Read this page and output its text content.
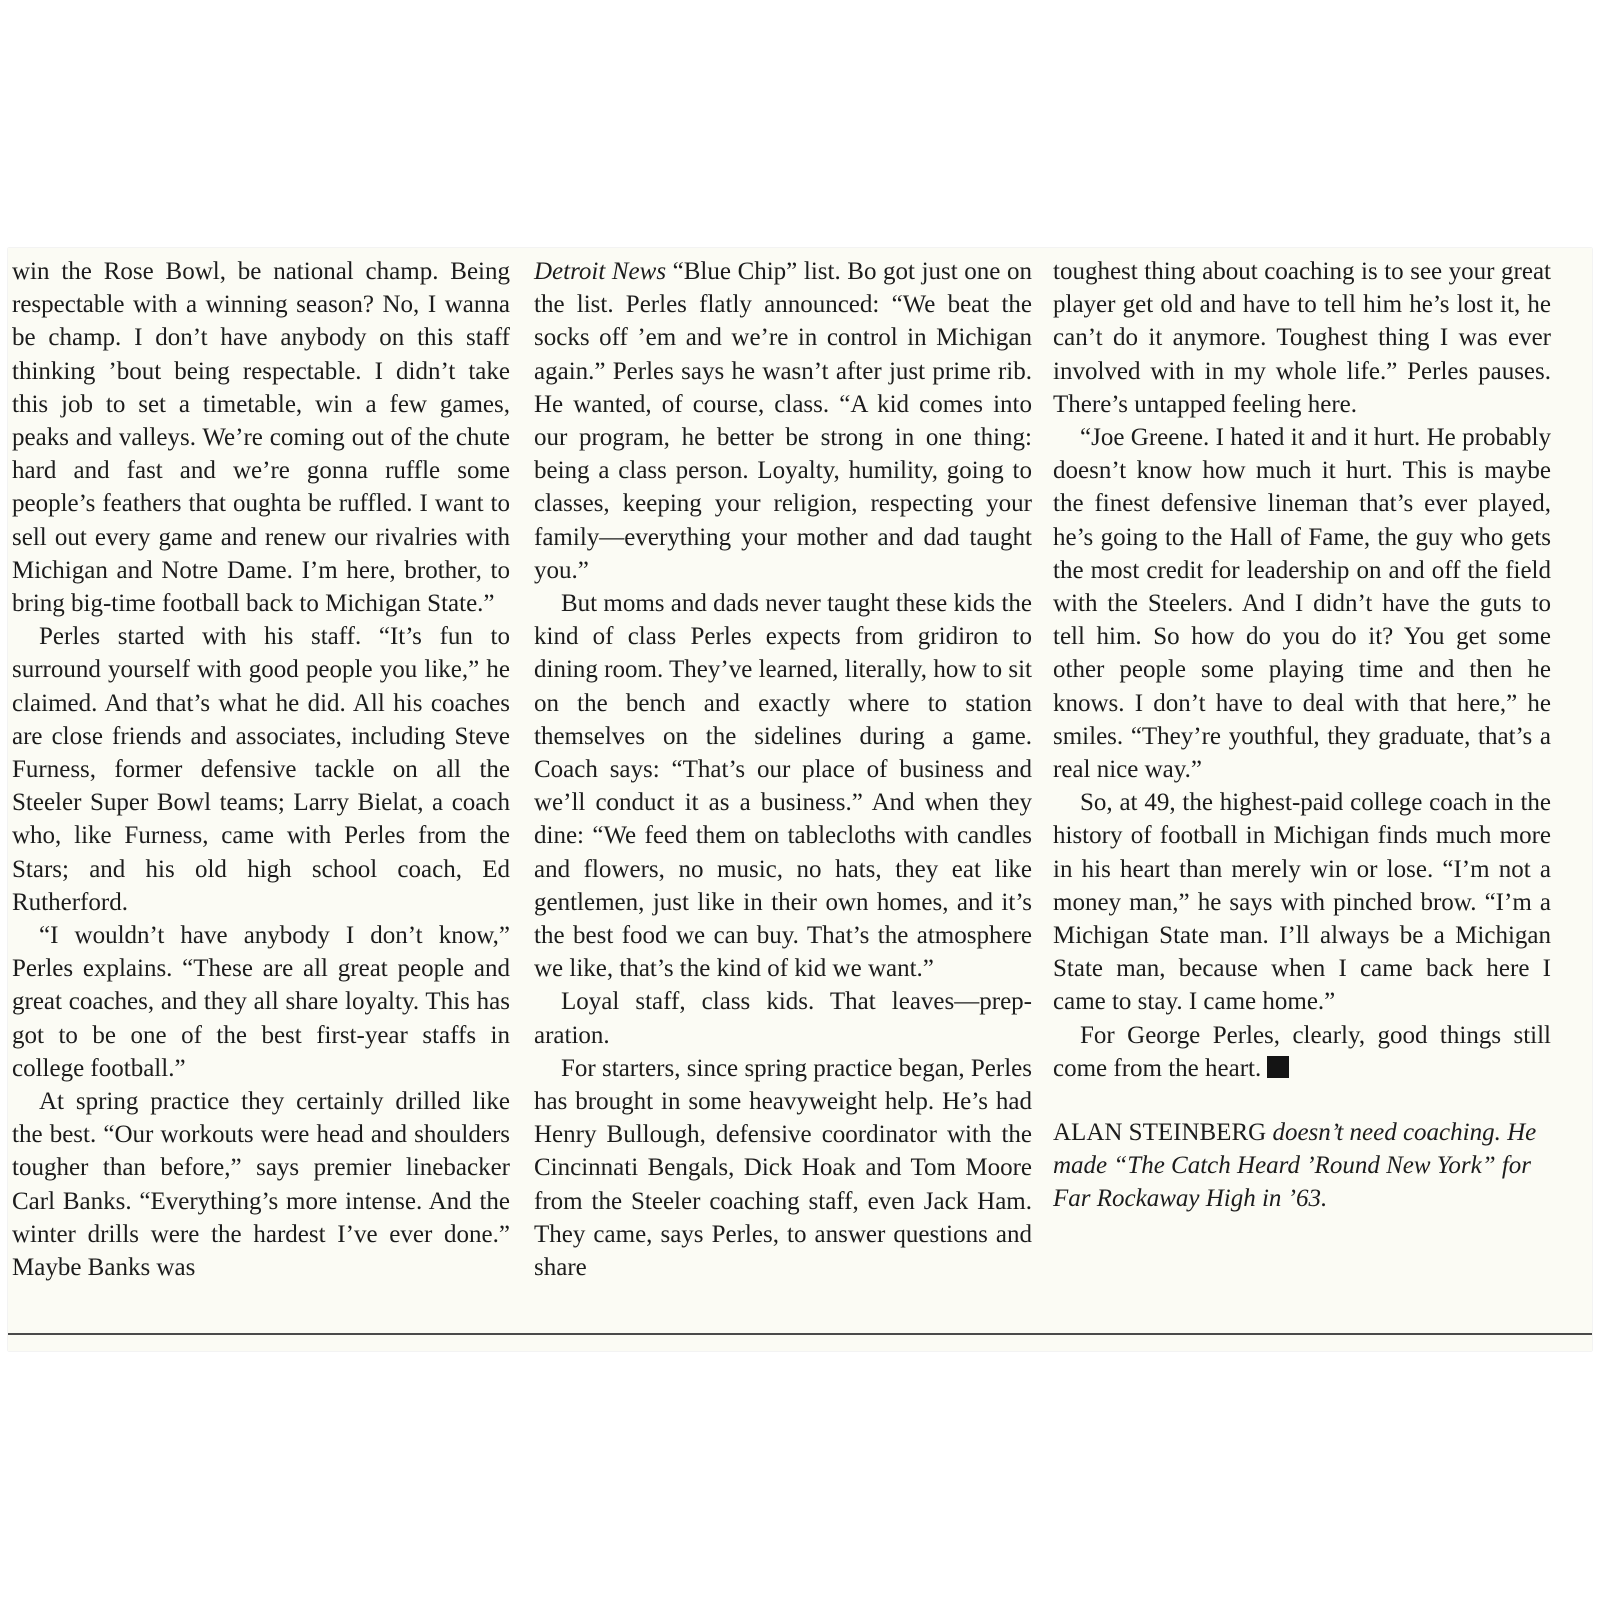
⠀	⠀	⠀

win the Rose Bowl, be national champ. Being respectable with a winning season? No, I wanna be champ. I don’t have anybody on this staff thinking ’bout being respectable. I didn’t take this job to set a timetable, win a few games, peaks and valleys. We’re coming out of the chute hard and fast and we’re gonna ruffle some people’s feathers that oughta be ruffled. I want to sell out every game and renew our rivalries with Michigan and Notre Dame. I’m here, brother, to bring big-time football back to Michigan State.”

Perles started with his staff. “It’s fun to surround yourself with good people you like,” he claimed. And that’s what he did. All his coaches are close friends and associates, including Steve Furness, former defensive tackle on all the Steeler Super Bowl teams; Larry Bielat, a coach who, like Furness, came with Perles from the Stars; and his old high school coach, Ed Rutherford.

“I wouldn’t have anybody I don’t know,” Perles explains. “These are all great people and great coaches, and they all share loyalty. This has got to be one of the best first-year staffs in college football.”

At spring practice they certainly drilled like the best. “Our workouts were head and shoulders tougher than before,” says premier linebacker Carl Banks. “Everything’s more intense. And the winter drills were the hardest I’ve ever done.” Maybe Banks was

Detroit News “Blue Chip” list. Bo got just one on the list. Perles flatly announced: “We beat the socks off ’em and we’re in control in Michigan again.” Perles says he wasn’t after just prime rib. He wanted, of course, class. “A kid comes into our program, he better be strong in one thing: being a class person. Loyalty, humility, going to classes, keeping your religion, respecting your family—everything your mother and dad taught you.”

But moms and dads never taught these kids the kind of class Perles expects from gridiron to dining room. They’ve learned, literally, how to sit on the bench and exactly where to station themselves on the sidelines during a game. Coach says: “That’s our place of business and we’ll conduct it as a business.” And when they dine: “We feed them on tablecloths with candles and flowers, no music, no hats, they eat like gentlemen, just like in their own homes, and it’s the best food we can buy. That’s the atmosphere we like, that’s the kind of kid we want.”

Loyal staff, class kids. That leaves—preparation.

For starters, since spring practice began, Perles has brought in some heavyweight help. He’s had Henry Bullough, defensive coordinator with the Cincinnati Bengals, Dick Hoak and Tom Moore from the Steeler coaching staff, even Jack Ham. They came, says Perles, to answer questions and share

toughest thing about coaching is to see your great player get old and have to tell him he’s lost it, he can’t do it anymore. Toughest thing I was ever involved with in my whole life.” Perles pauses. There’s untapped feeling here.

“Joe Greene. I hated it and it hurt. He probably doesn’t know how much it hurt. This is maybe the finest defensive lineman that’s ever played, he’s going to the Hall of Fame, the guy who gets the most credit for leadership on and off the field with the Steelers. And I didn’t have the guts to tell him. So how do you do it? You get some other people some playing time and then he knows. I don’t have to deal with that here,” he smiles. “They’re youthful, they graduate, that’s a real nice way.”

So, at 49, the highest-paid college coach in the history of football in Michigan finds much more in his heart than merely win or lose. “I’m not a money man,” he says with pinched brow. “I’m a Michigan State man. I’ll always be a Michigan State man, because when I came back here I came to stay. I came home.”

For George Perles, clearly, good things still come from the heart.

ALAN STEINBERG doesn’t need coaching. He made “The Catch Heard ’Round New York” for Far Rockaway High in ’63.
